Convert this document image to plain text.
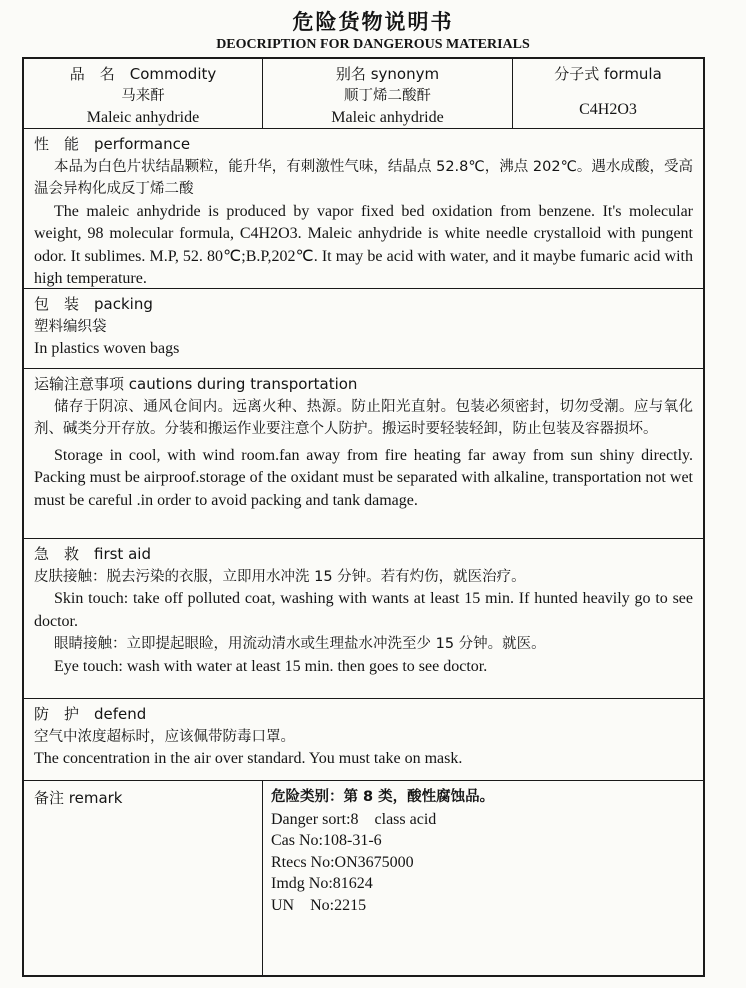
危险货物说明书
DEOCRIPTION FOR DANGEROUS MATERIALS
品　名　Commodity
马来酐
Maleic anhydride
别名 synonym
顺丁烯二酸酐
Maleic anhydride
分子式 formula
C4H2O3
性　能　performance
本品为白色片状结晶颗粒，能升华，有刺激性气味，结晶点 52.8℃，沸点 202℃。遇水成酸，受高温会异构化成反丁烯二酸
The maleic anhydride is produced by vapor fixed bed oxidation from benzene. It's molecular weight, 98 molecular formula, C4H2O3. Maleic anhydride is white needle crystalloid with pungent odor. It sublimes. M.P, 52. 80℃;B.P,202℃. It may be acid with water, and it maybe fumaric acid with high temperature.
包　装　packing
塑料编织袋
In plastics woven bags
运输注意事项 cautions during transportation
储存于阴凉、通风仓间内。远离火种、热源。防止阳光直射。包装必须密封，切勿受潮。应与氧化剂、碱类分开存放。分装和搬运作业要注意个人防护。搬运时要轻装轻卸，防止包装及容器损坏。
Storage in cool, with wind room.fan away from fire heating far away from sun shiny directly. Packing must be airproof.storage of the oxidant must be separated with alkaline, transportation not wet must be careful .in order to avoid packing and tank damage.
急　救　first aid
皮肤接触：脱去污染的衣服，立即用水冲洗 15 分钟。若有灼伤，就医治疗。
Skin touch: take off polluted coat, washing with wants at least 15 min. If hunted heavily go to see doctor.
眼睛接触：立即提起眼睑，用流动清水或生理盐水冲洗至少 15 分钟。就医。
Eye touch: wash with water at least 15 min. then goes to see doctor.
防　护　defend
空气中浓度超标时，应该佩带防毒口罩。
The concentration in the air over standard. You must take on mask.
备注 remark	危险类别：第 8 类，酸性腐蚀品。
Danger sort:8　class acid
Cas No:108-31-6
Rtecs No:ON3675000
Imdg No:81624
UN　No:2215
